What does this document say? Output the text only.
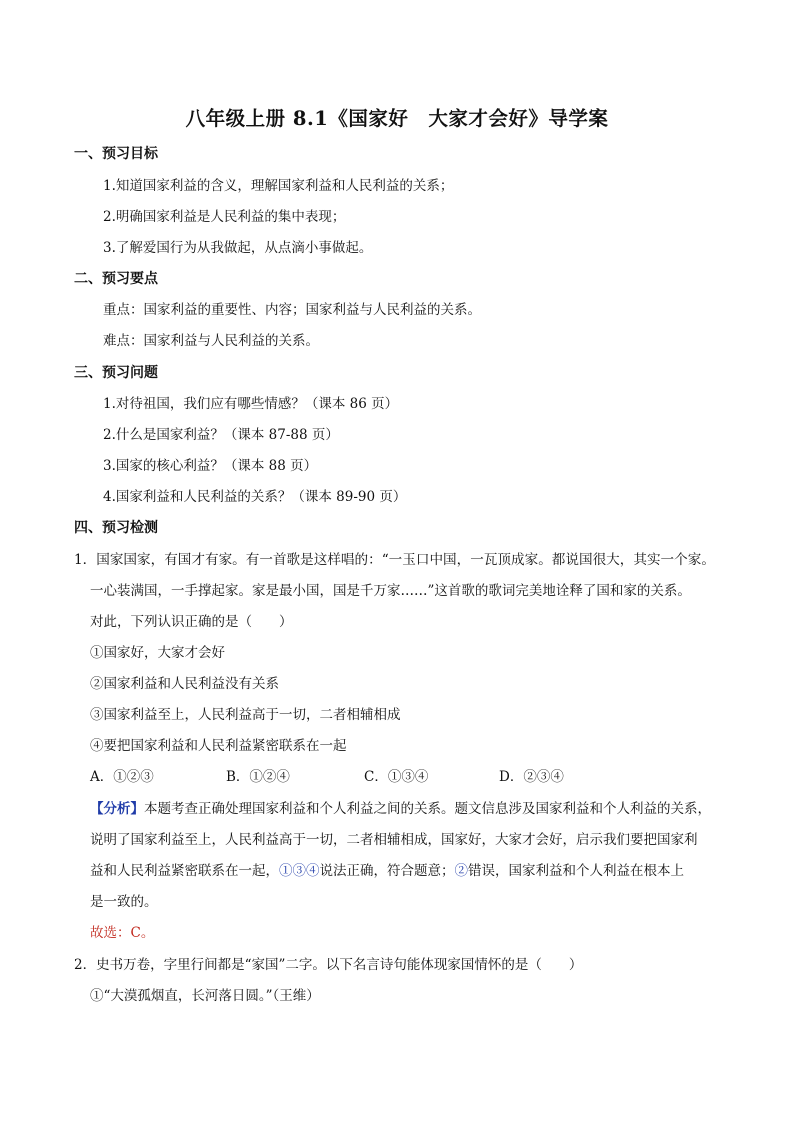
八年级上册 8.1《国家好　大家才会好》导学案
一、预习目标
1.知道国家利益的含义，理解国家利益和人民利益的关系；
2.明确国家利益是人民利益的集中表现；
3.了解爱国行为从我做起，从点滴小事做起。
二、预习要点
重点：国家利益的重要性、内容；国家利益与人民利益的关系。
难点：国家利益与人民利益的关系。
三、预习问题
1.对待祖国，我们应有哪些情感？（课本 86 页）
2.什么是国家利益？（课本 87-88 页）
3.国家的核心利益？（课本 88 页）
4.国家利益和人民利益的关系？（课本 89-90 页）
四、预习检测
1．国家国家，有国才有家。有一首歌是这样唱的：“一玉口中国，一瓦顶成家。都说国很大，其实一个家。
一心装满国，一手撑起家。家是最小国，国是千万家……”这首歌的歌词完美地诠释了国和家的关系。
对此，下列认识正确的是（　　）
①国家好，大家才会好
②国家利益和人民利益没有关系
③国家利益至上，人民利益高于一切，二者相辅相成
④要把国家利益和人民利益紧密联系在一起
A．①②③	B．①②④	C．①③④	D．②③④
【分析】本题考查正确处理国家利益和个人利益之间的关系。题文信息涉及国家利益和个人利益的关系，
说明了国家利益至上，人民利益高于一切，二者相辅相成，国家好，大家才会好，启示我们要把国家利
益和人民利益紧密联系在一起，①③④说法正确，符合题意；②错误，国家利益和个人利益在根本上
是一致的。
故选：C。
2．史书万卷，字里行间都是“家国”二字。以下名言诗句能体现家国情怀的是（　　）
①“大漠孤烟直，长河落日圆。”（王维）
